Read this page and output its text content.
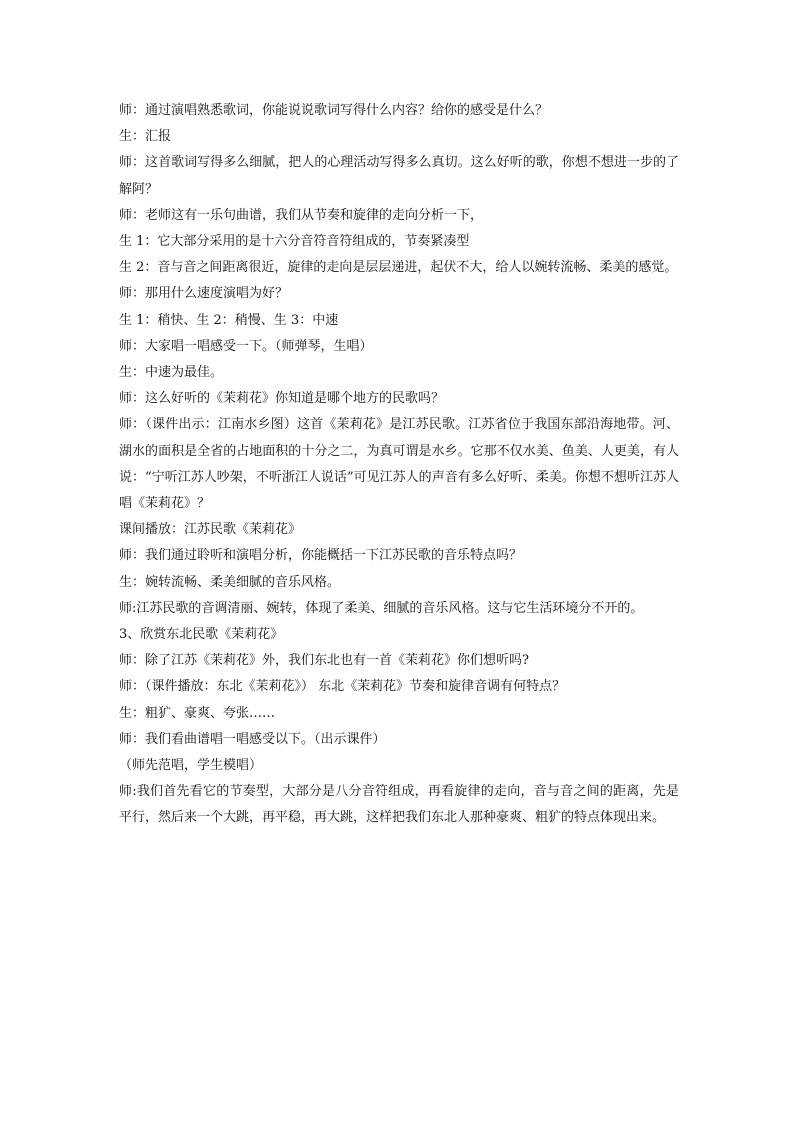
师：通过演唱熟悉歌词，你能说说歌词写得什么内容？给你的感受是什么？

生：汇报

师：这首歌词写得多么细腻，把人的心理活动写得多么真切。这么好听的歌，你想不想进一步的了解阿？

师：老师这有一乐句曲谱，我们从节奏和旋律的走向分析一下，

生 1：它大部分采用的是十六分音符音符组成的，节奏紧凑型

生 2：音与音之间距离很近，旋律的走向是层层递进，起伏不大，给人以婉转流畅、柔美的感觉。

师：那用什么速度演唱为好？

生 1：稍快、生 2：稍慢、生 3：中速

师：大家唱一唱感受一下。（师弹琴，生唱）

生：中速为最佳。

师：这么好听的《茉莉花》你知道是哪个地方的民歌吗？

师：（课件出示：江南水乡图）这首《茉莉花》是江苏民歌。江苏省位于我国东部沿海地带。河、湖水的面积是全省的占地面积的十分之二，为真可谓是水乡。它那不仅水美、鱼美、人更美，有人说：“宁听江苏人吵架，不听浙江人说话”可见江苏人的声音有多么好听、柔美。你想不想听江苏人唱《茉莉花》？

课间播放：江苏民歌《茉莉花》

师：我们通过聆听和演唱分析，你能概括一下江苏民歌的音乐特点吗？

生：婉转流畅、柔美细腻的音乐风格。

师:江苏民歌的音调清丽、婉转，体现了柔美、细腻的音乐风格。这与它生活环境分不开的。

3、欣赏东北民歌《茉莉花》

师：除了江苏《茉莉花》外，我们东北也有一首《茉莉花》你们想听吗?

师：（课件播放：东北《茉莉花》） 东北《茉莉花》节奏和旋律音调有何特点？

生：粗犷、豪爽、夸张……

师：我们看曲谱唱一唱感受以下。（出示课件）

（师先范唱，学生模唱）

师:我们首先看它的节奏型，大部分是八分音符组成，再看旋律的走向，音与音之间的距离，先是平行，然后来一个大跳，再平稳，再大跳，这样把我们东北人那种豪爽、粗犷的特点体现出来。
